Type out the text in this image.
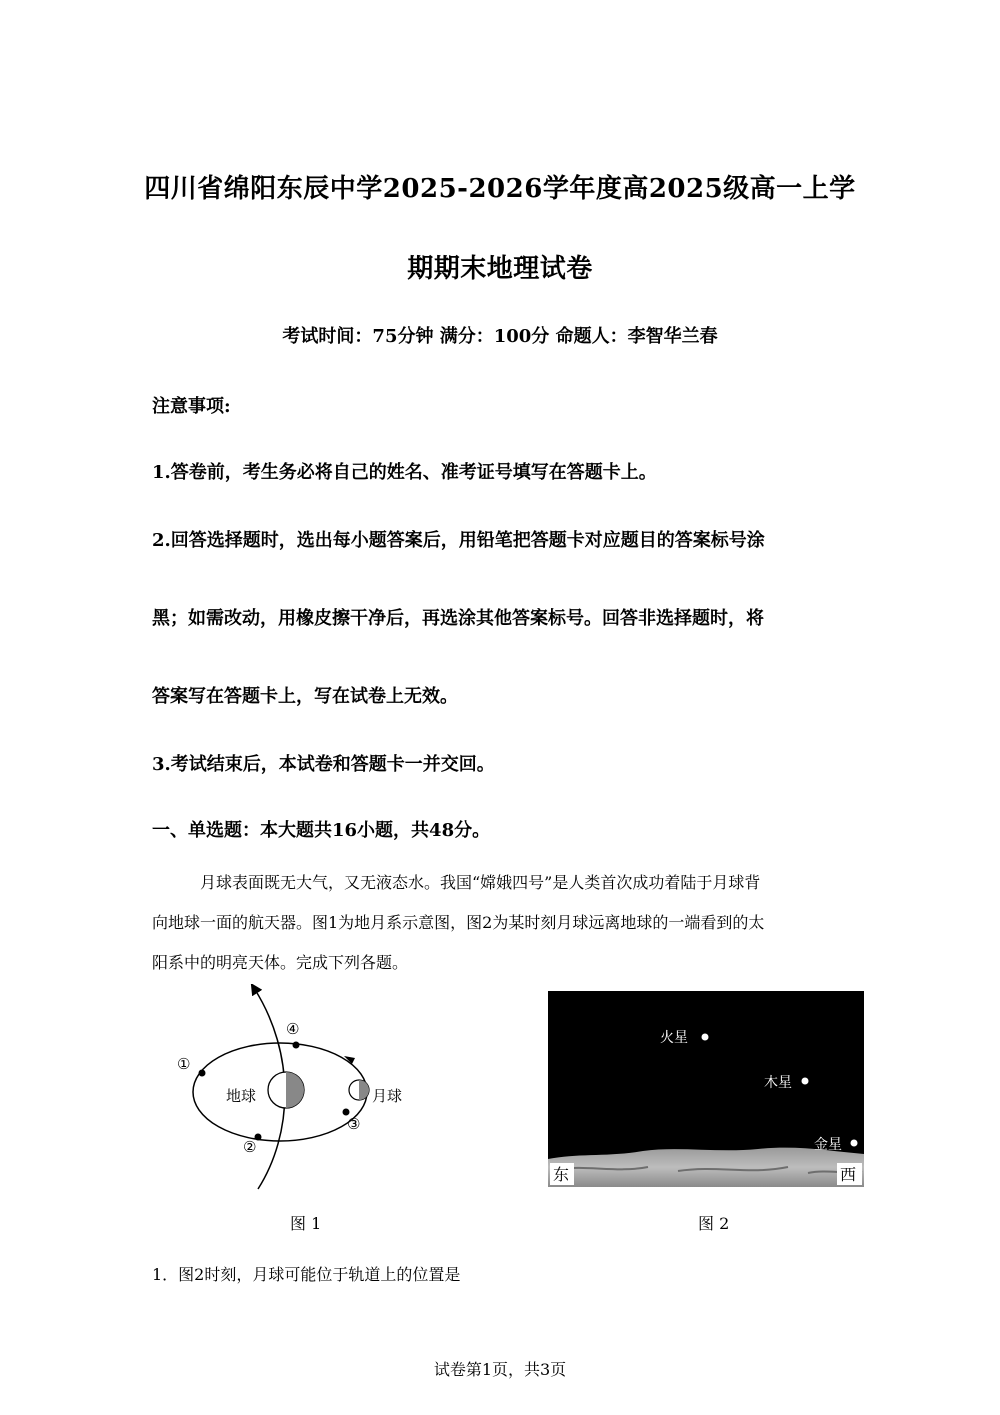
四川省绵阳东辰中学2025-2026学年度高2025级高一上学
期期末地理试卷
考试时间：75分钟 满分：100分 命题人：李智华兰春
注意事项:
1.答卷前，考生务必将自己的姓名、准考证号填写在答题卡上。
2.回答选择题时，选出每小题答案后，用铅笔把答题卡对应题目的答案标号涂
黑；如需改动，用橡皮擦干净后，再选涂其他答案标号。回答非选择题时，将
答案写在答题卡上，写在试卷上无效。
3.考试结束后，本试卷和答题卡一并交回。
一、单选题：本大题共16小题，共48分。
月球表面既无大气，又无液态水。我国“嫦娥四号”是人类首次成功着陆于月球背
向地球一面的航天器。图1为地月系示意图，图2为某时刻月球远离地球的一端看到的太
阳系中的明亮天体。完成下列各题。
地球	月球
①
②
③
④	火星
木星
金星
东	西
图 1	图 2
1．图2时刻，月球可能位于轨道上的位置是
试卷第1页，共3页
